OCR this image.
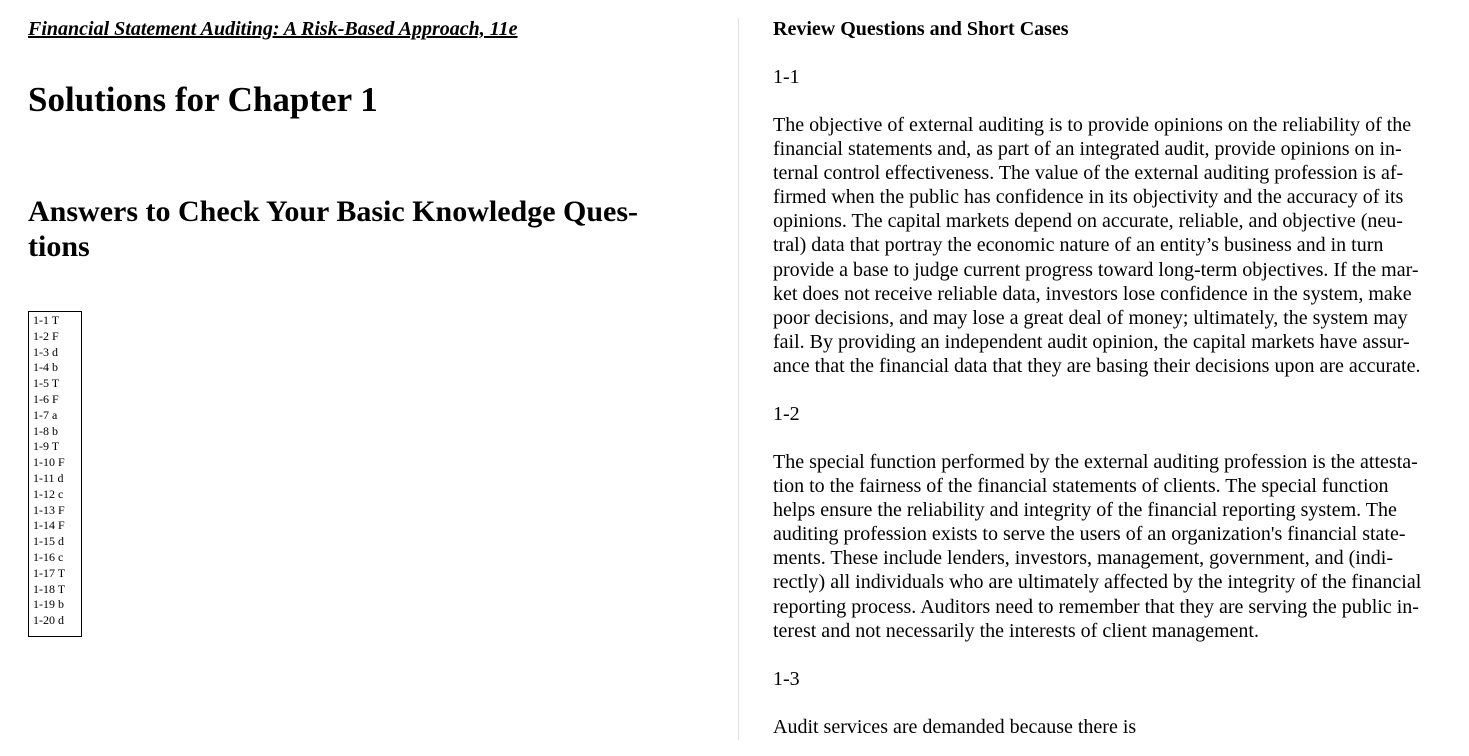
Financial Statement Auditing: A Risk-Based Approach, 11e

Solutions for Chapter 1
Answers to Check Your Basic Knowledge Ques-
tions
1-1 T
1-2 F
1-3 d
1-4 b
1-5 T
1-6 F
1-7 a
1-8 b
1-9 T
1-10 F
1-11 d
1-12 c
1-13 F
1-14 F
1-15 d
1-16 c
1-17 T
1-18 T
1-19 b
1-20 d

Review Questions and Short Cases

1-1

The objective of external auditing is to provide opinions on the reliability of the
financial statements and, as part of an integrated audit, provide opinions on in-
ternal control effectiveness. The value of the external auditing profession is af-
firmed when the public has confidence in its objectivity and the accuracy of its
opinions. The capital markets depend on accurate, reliable, and objective (neu-
tral) data that portray the economic nature of an entity’s business and in turn
provide a base to judge current progress toward long-term objectives. If the mar-
ket does not receive reliable data, investors lose confidence in the system, make
poor decisions, and may lose a great deal of money; ultimately, the system may
fail. By providing an independent audit opinion, the capital markets have assur-
ance that the financial data that they are basing their decisions upon are accurate.

1-2

The special function performed by the external auditing profession is the attesta-
tion to the fairness of the financial statements of clients. The special function
helps ensure the reliability and integrity of the financial reporting system. The
auditing profession exists to serve the users of an organization's financial state-
ments. These include lenders, investors, management, government, and (indi-
rectly) all individuals who are ultimately affected by the integrity of the financial
reporting process. Auditors need to remember that they are serving the public in-
terest and not necessarily the interests of client management.

1-3

Audit services are demanded because there is
